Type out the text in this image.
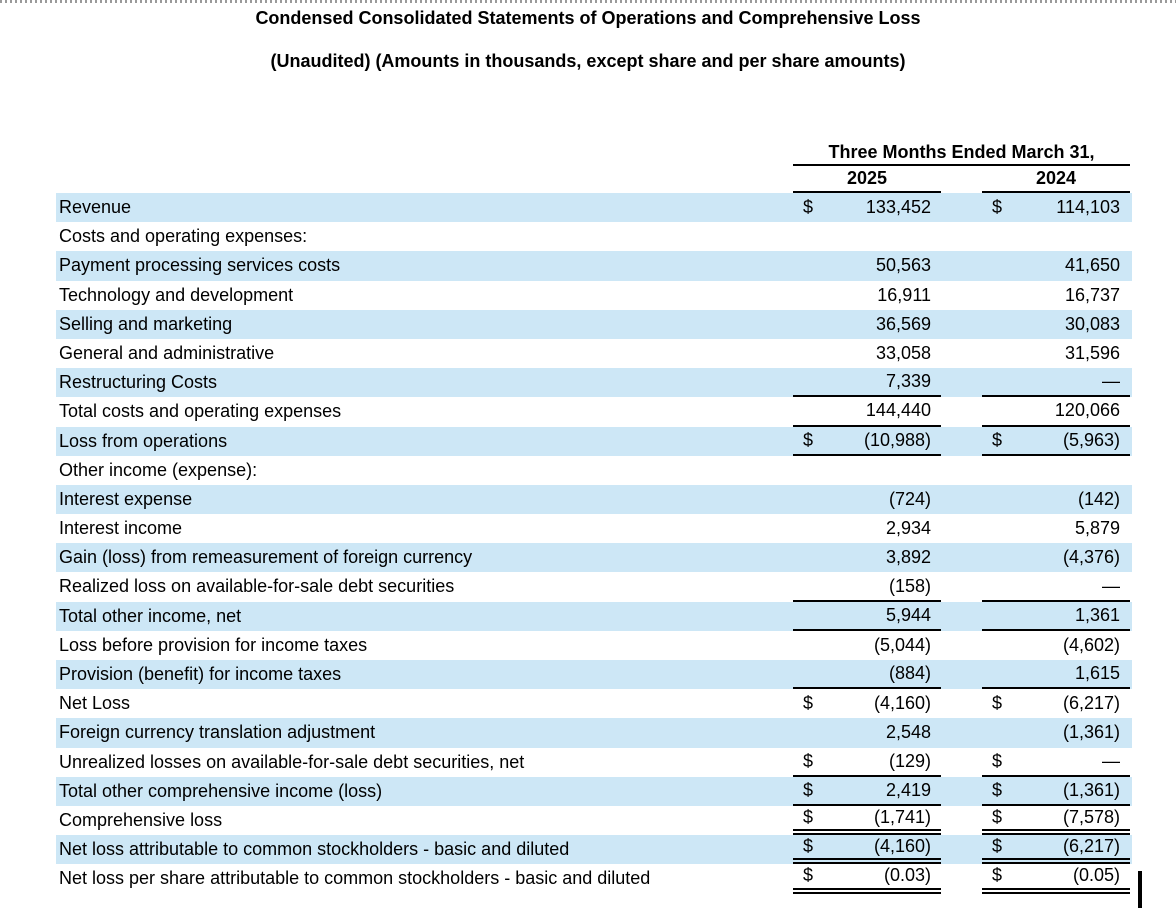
Condensed Consolidated Statements of Operations and Comprehensive Loss
(Unaudited) (Amounts in thousands, except share and per share amounts)
Three Months Ended March 31,
2025	2024
Revenue	$	133,452	$	114,103
Costs and operating expenses:
Payment processing services costs	50,563	41,650
Technology and development	16,911	16,737
Selling and marketing	36,569	30,083
General and administrative	33,058	31,596
Restructuring Costs	7,339	—
Total costs and operating expenses	144,440	120,066
Loss from operations	$	(10,988)	$	(5,963)
Other income (expense):
Interest expense	(724)	(142)
Interest income	2,934	5,879
Gain (loss) from remeasurement of foreign currency	3,892	(4,376)
Realized loss on available-for-sale debt securities	(158)	—
Total other income, net	5,944	1,361
Loss before provision for income taxes	(5,044)	(4,602)
Provision (benefit) for income taxes	(884)	1,615
Net Loss	$	(4,160)	$	(6,217)
Foreign currency translation adjustment	2,548	(1,361)
Unrealized losses on available-for-sale debt securities, net	$	(129)	$	—
Total other comprehensive income (loss)	$	2,419	$	(1,361)
Comprehensive loss	$	(1,741)	$	(7,578)
Net loss attributable to common stockholders - basic and diluted	$	(4,160)	$	(6,217)
Net loss per share attributable to common stockholders - basic and diluted	$	(0.03)	$	(0.05)
